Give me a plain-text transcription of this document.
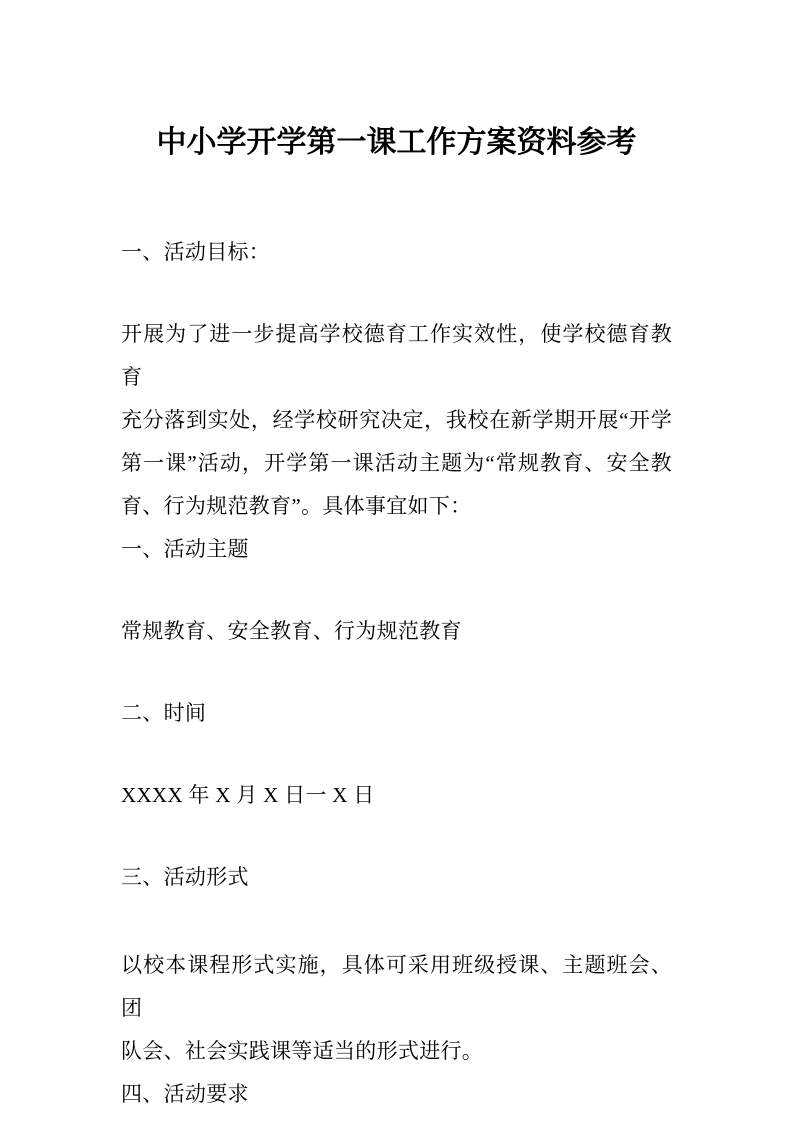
中小学开学第一课工作方案资料参考
一、活动目标：
开展为了进一步提高学校德育工作实效性，使学校德育教育
充分落到实处，经学校研究决定，我校在新学期开展“开学
第一课”活动，开学第一课活动主题为“常规教育、安全教
育、行为规范教育”。具体事宜如下：
一、活动主题
常规教育、安全教育、行为规范教育
二、时间
XXXX 年 X 月 X 日一 X 日
三、活动形式
以校本课程形式实施，具体可采用班级授课、主题班会、团
队会、社会实践课等适当的形式进行。
四、活动要求
